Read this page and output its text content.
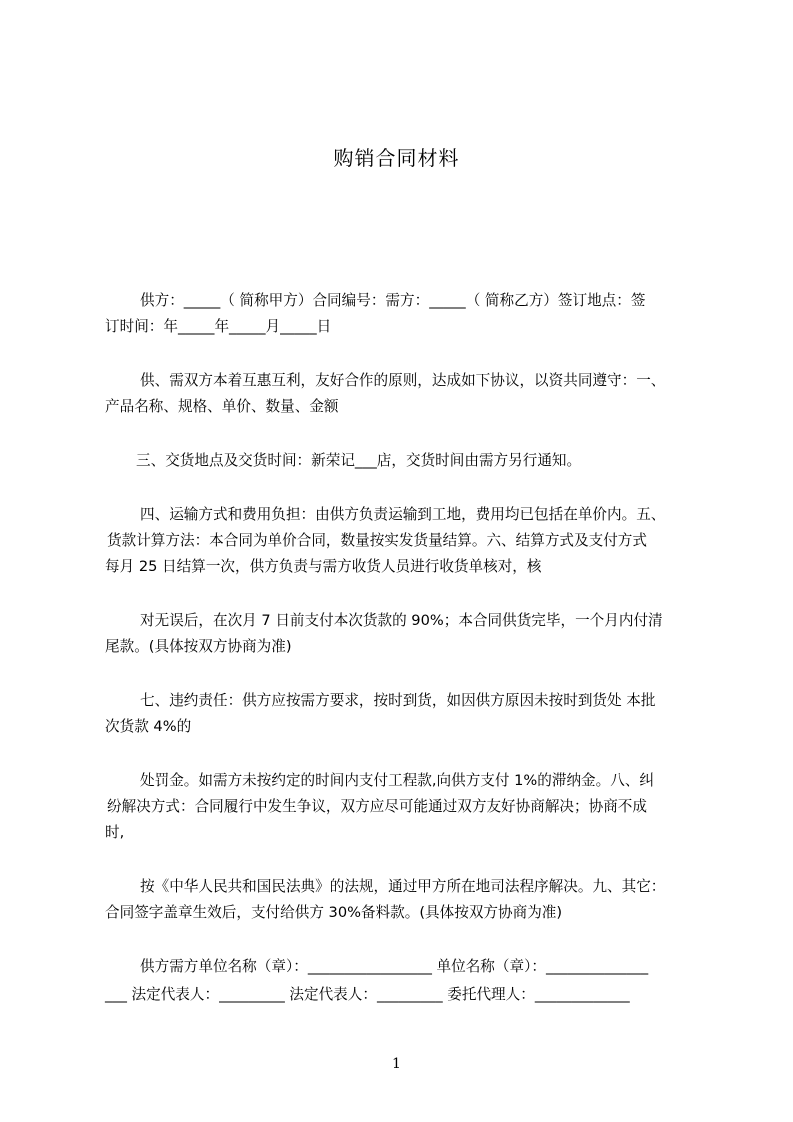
购销合同材料
供方：_____（ 简称甲方）合同编号：需方：_____（ 简称乙方）签订地点：签
订时间：年_____年_____月_____日
供、需双方本着互惠互利，友好合作的原则，达成如下协议，以资共同遵守：一、
产品名称、规格、单价、数量、金额
三、交货地点及交货时间：新荣记___店，交货时间由需方另行通知。
四、运输方式和费用负担：由供方负责运输到工地，费用均已包括在单价内。五、
货款计算方法：本合同为单价合同，数量按实发货量结算。六、结算方式及支付方式
每月 25 日结算一次，供方负责与需方收货人员进行收货单核对，核
对无误后，在次月 7 日前支付本次货款的 90%；本合同供货完毕，一个月内付清
尾款。(具体按双方协商为准)
七、违约责任：供方应按需方要求，按时到货，如因供方原因未按时到货处 本批
次货款 4%的
处罚金。如需方未按约定的时间内支付工程款,向供方支付 1%的滞纳金。八、纠
纷解决方式：合同履行中发生争议，双方应尽可能通过双方友好协商解决；协商不成
时,
按《中华人民共和国民法典》的法规，通过甲方所在地司法程序解决。九、其它：
合同签字盖章生效后，支付给供方 30%备料款。(具体按双方协商为准)
供方需方单位名称（章）：_________________ 单位名称（章）：______________
___ 法定代表人：_________ 法定代表人：_________ 委托代理人：_____________
1
